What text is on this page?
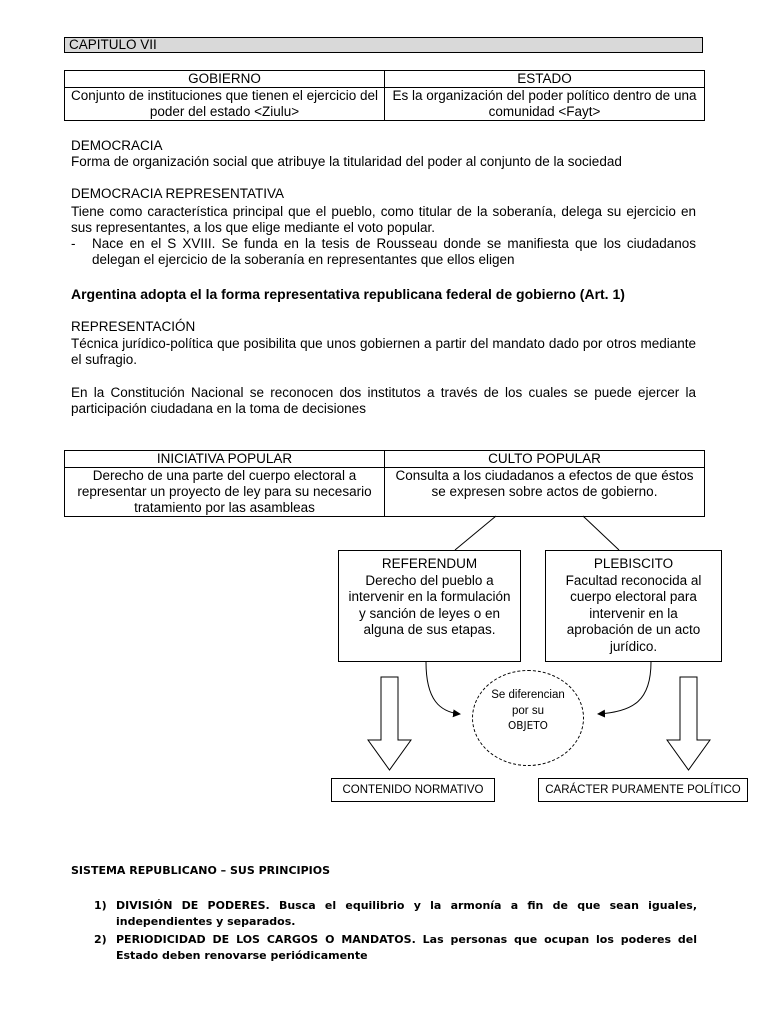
CAPITULO VII
GOBIERNO	ESTADO
Conjunto de instituciones que tienen el ejercicio del poder del estado <Ziulu>	Es la organización del poder político dentro de una comunidad <Fayt>
DEMOCRACIA
Forma de organización social que atribuye la titularidad del poder al conjunto de la sociedad
DEMOCRACIA REPRESENTATIVA
Tiene como característica principal que el pueblo, como titular de la soberanía, delega su ejercicio en sus representantes, a los que elige mediante el voto popular.
- Nace en el S XVIII. Se funda en la tesis de Rousseau donde se manifiesta que los ciudadanos delegan el ejercicio de la soberanía en representantes que ellos eligen
Argentina adopta el la forma representativa republicana federal de gobierno (Art. 1)
REPRESENTACIÓN
Técnica jurídico-política que posibilita que unos gobiernen a partir del mandato dado por otros mediante el sufragio.
En la Constitución Nacional se reconocen dos institutos a través de los cuales se puede ejercer la participación ciudadana en la toma de decisiones
INICIATIVA POPULAR	CULTO POPULAR
Derecho de una parte del cuerpo electoral a representar un proyecto de ley para su necesario tratamiento por las asambleas	Consulta a los ciudadanos a efectos de que éstos se expresen sobre actos de gobierno.
REFERENDUM
Derecho del pueblo a intervenir en la formulación y sanción de leyes o en alguna de sus etapas.
PLEBISCITO
Facultad reconocida al cuerpo electoral para intervenir en la aprobación de un acto jurídico.
Se diferencian por su
OBJETO
CONTENIDO NORMATIVO	CARÁCTER PURAMENTE POLÍTICO
SISTEMA REPUBLICANO – SUS PRINCIPIOS
1) DIVISIÓN DE PODERES. Busca el equilibrio y la armonía a fin de que sean iguales, independientes y separados.
2) PERIODICIDAD DE LOS CARGOS O MANDATOS. Las personas que ocupan los poderes del Estado deben renovarse periódicamente
